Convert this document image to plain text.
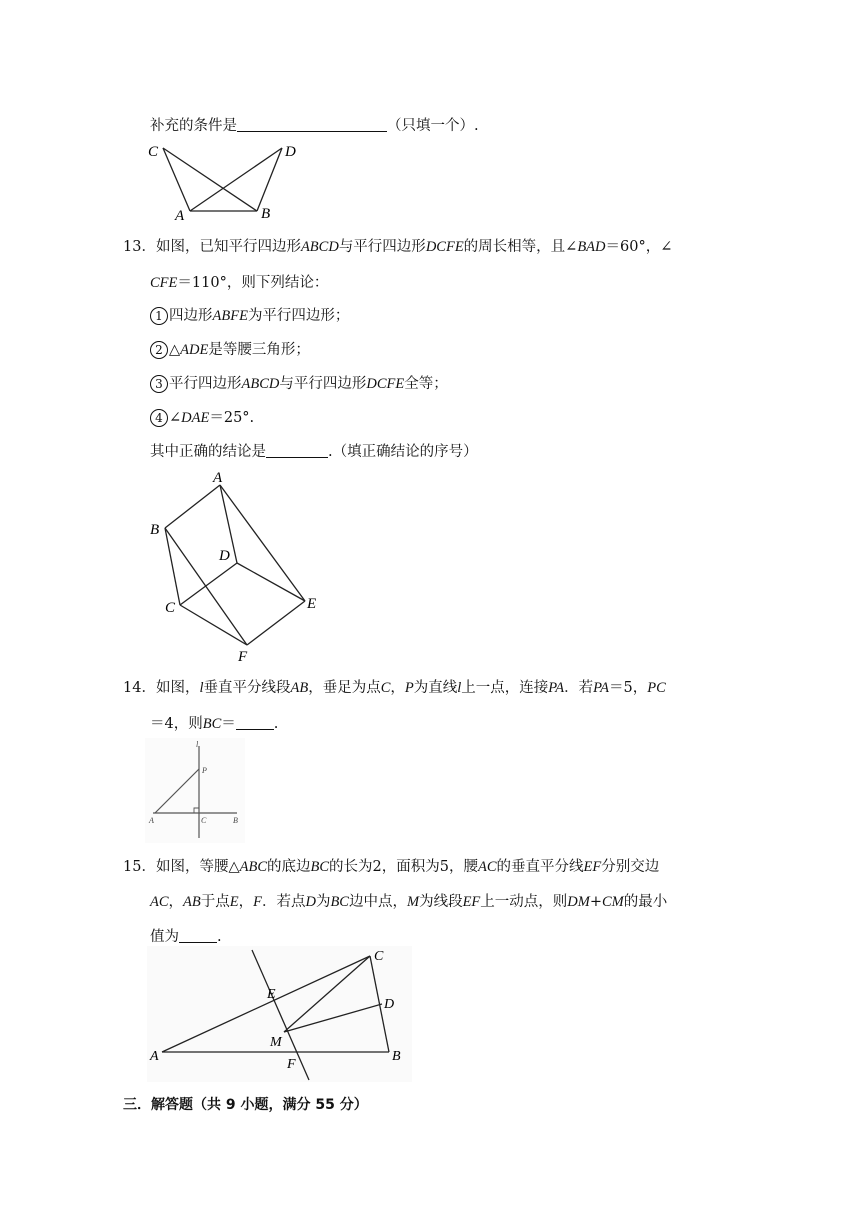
补充的条件是	（只填一个）.
C	D
A	B
13．如图，已知平行四边形ABCD与平行四边形DCFE的周长相等，且∠BAD＝60°，∠
CFE＝110°，则下列结论：
1 四边形ABFE为平行四边形；
2 △ADE是等腰三角形；
3 平行四边形ABCD与平行四边形DCFE全等；
4 ∠DAE＝25°.
其中正确的结论是	.（填正确结论的序号）
A
B
D
C	E
F
14．如图，l垂直平分线段AB，垂足为点C，P为直线l上一点，连接PA．若PA＝5，PC
＝4，则BC＝	.
l
P
A	C	B
15．如图，等腰△ABC的底边BC的长为2，面积为5，腰AC的垂直平分线EF分别交边
AC，AB于点E，F．若点D为BC边中点，M为线段EF上一动点，则DM+CM的最小
值为	.
C
E
D
M
A
F
B
三．解答题（共 9 小题，满分 55 分）
